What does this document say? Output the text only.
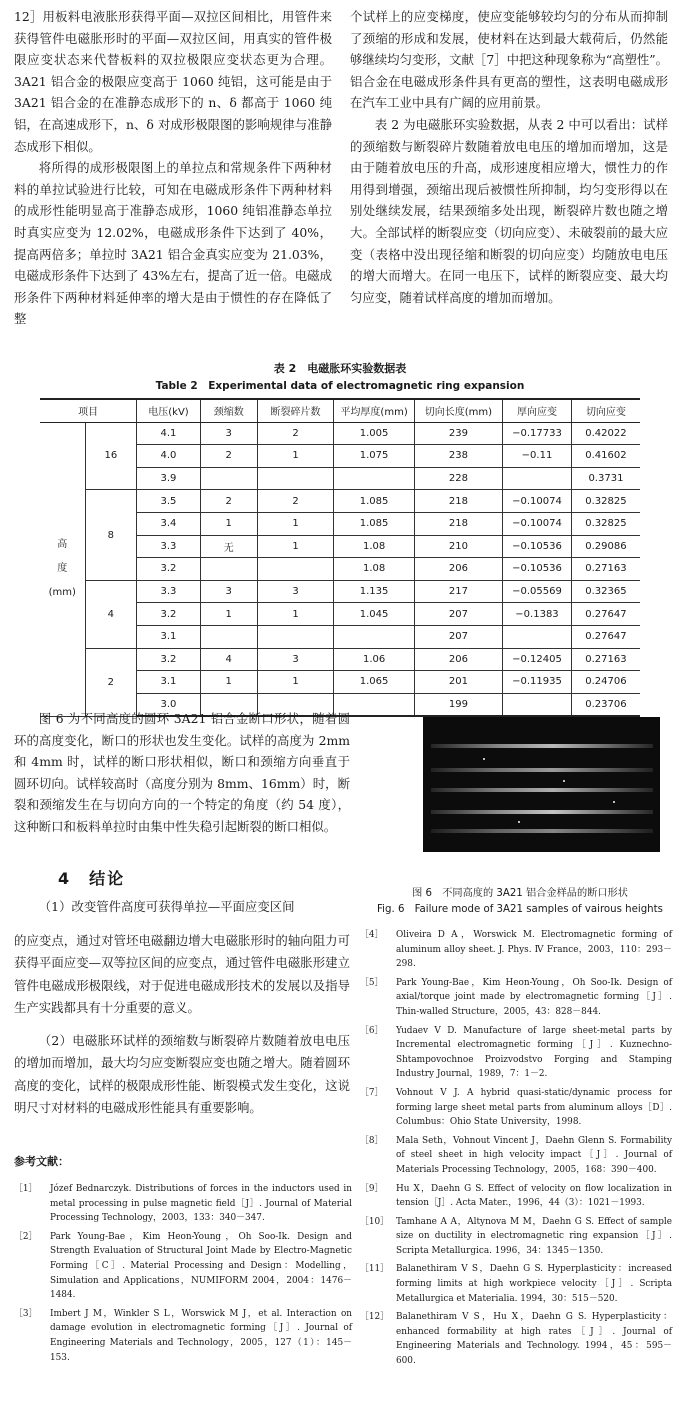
12］用板料电液胀形获得平面—双拉区间相比，用管件来获得管件电磁胀形时的平面—双拉区间，用真实的管件极限应变状态来代替板料的双拉极限应变状态更为合理。3A21 铝合金的极限应变高于 1060 纯铝，这可能是由于 3A21 铝合金的在准静态成形下的 n、δ 都高于 1060 纯铝，在高速成形下，n、δ 对成形极限图的影响规律与准静态成形下相似。

将所得的成形极限图上的单拉点和常规条件下两种材料的单拉试验进行比较，可知在电磁成形条件下两种材料的成形性能明显高于准静态成形，1060 纯铝准静态单拉时真实应变为 12.02%，电磁成形条件下达到了 40%，提高两倍多；单拉时 3A21 铝合金真实应变为 21.03%，电磁成形条件下达到了 43%左右，提高了近一倍。电磁成形条件下两种材料延伸率的增大是由于惯性的存在降低了整

个试样上的应变梯度，使应变能够较均匀的分布从而抑制了颈缩的形成和发展，使材料在达到最大载荷后，仍然能够继续均匀变形，文献［7］中把这种现象称为“高塑性”。铝合金在电磁成形条件具有更高的塑性，这表明电磁成形在汽车工业中具有广阔的应用前景。

表 2 为电磁胀环实验数据，从表 2 中可以看出：试样的颈缩数与断裂碎片数随着放电电压的增加而增加，这是由于随着放电压的升高，成形速度相应增大，惯性力的作用得到增强，颈缩出现后被惯性所抑制，均匀变形得以在别处继续发展，结果颈缩多处出现，断裂碎片数也随之增大。全部试样的断裂应变（切向应变）、未破裂前的最大应变（表格中没出现径缩和断裂的切向应变）均随放电电压的增大而增大。在同一电压下，试样的断裂应变、最大均匀应变，随着试样高度的增加而增加。

表 2　电磁胀环实验数据表
Table 2　Experimental data of electromagnetic ring expansion
项目		电压(kV)	颈缩数	断裂碎片数	平均厚度(mm)	切向长度(mm)	厚向应变	切向应变

高
度
(mm)	16	4.1	3	2	1.005	239	−0.17733	0.42022
		4.0	2	1	1.075	238	−0.11	0.41602
		3.9				228		0.3731
	8	3.5	2	2	1.085	218	−0.10074	0.32825
		3.4	1	1	1.085	218	−0.10074	0.32825
		3.3	无	1	1.08	210	−0.10536	0.29086
		3.2			1.08	206	−0.10536	0.27163
	4	3.3	3	3	1.135	217	−0.05569	0.32365
		3.2	1	1	1.045	207	−0.1383	0.27647
		3.1				207		0.27647
	2	3.2	4	3	1.06	206	−0.12405	0.27163
		3.1	1	1	1.065	201	−0.11935	0.24706
		3.0				199		0.23706

图 6 为不同高度的圆环 3A21 铝合金断口形状，随着圆环的高度变化，断口的形状也发生变化。试样的高度为 2mm 和 4mm 时，试样的断口形状相似，断口和颈缩方向垂直于圆环切向。试样较高时（高度分别为 8mm、16mm）时，断裂和颈缩发生在与切向方向的一个特定的角度（约 54 度），这种断口和板料单拉时由集中性失稳引起断裂的断口相似。

图 6　不同高度的 3A21 铝合金样品的断口形状
Fig. 6　Failure mode of 3A21 samples of vairous heights
4　结论
（1）改变管件高度可获得单拉—平面应变区间
的应变点，通过对管坯电磁翻边增大电磁胀形时的轴向阻力可获得平面应变—双等拉区间的应变点，通过管件电磁胀形建立管件电磁成形极限线，对于促进电磁成形技术的发展以及指导生产实践都具有十分重要的意义。
（2）电磁胀环试样的颈缩数与断裂碎片数随着放电电压的增加而增加，最大均匀应变断裂应变也随之增大。随着圆环高度的变化，试样的极限成形性能、断裂模式发生变化，这说明尺寸对材料的电磁成形性能具有重要影响。
参考文献：
［1］	Józef Bednarczyk. Distributions of forces in the inductors used in metal processing in pulse magnetic field［J］. Journal of Material Processing Technology，2003，133：340－347.
［2］	Park Young-Bae，Kim Heon-Young，Oh Soo-Ik. Design and Strength Evaluation of Structural Joint Made by Electro-Magnetic Forming［C］. Material Processing and Design：Modelling，Simulation and Applications，NUMIFORM 2004，2004：1476－1484.
［3］	Imbert J M，Winkler S L，Worswick M J，et al. Interaction on damage evolution in electromagnetic forming［J］. Journal of Engineering Materials and Technology，2005，127（1）：145－153.
［4］	Oliveira D A，Worswick M. Electromagnetic forming of aluminum alloy sheet. J. Phys. Ⅳ France，2003，110：293－298.
［5］	Park Young-Bae，Kim Heon-Young，Oh Soo-Ik. Design of axial/torque joint made by electromagnetic forming［J］. Thin-walled Structure，2005，43：828－844.
［6］	Yudaev V D. Manufacture of large sheet-metal parts by Incremental electromagnetic forming［J］. Kuznechno-Shtampovochnoe Proizvodstvo Forging and Stamping Industry Journal，1989，7：1－2.
［7］	Vohnout V J. A hybrid quasi-static/dynamic process for forming large sheet metal parts from aluminum alloys［D］. Columbus：Ohio State University，1998.
［8］	Mala Seth，Vohnout Vincent J，Daehn Glenn S. Formability of steel sheet in high velocity impact［J］. Journal of Materials Processing Technology，2005，168：390－400.
［9］	Hu X，Daehn G S. Effect of velocity on flow localization in tension［J］. Acta Mater.，1996，44（3）：1021－1993.
［10］ Tamhane A A，Altynova M M，Daehn G S. Effect of sample size on ductility in electromagnetic ring expansion［J］. Scripta Metallurgica. 1996，34：1345－1350.
［11］ Balanethiram V S，Daehn G S. Hyperplasticity：increased forming limits at high workpiece velocity［J］. Scripta Metallurgica et Materialia. 1994，30：515－520.
［12］ Balanethiram V S，Hu X，Daehn G S. Hyperplasticity：enhanced formability at high rates［J］. Journal of Engineering Materials and Technology. 1994，45：595－600.
